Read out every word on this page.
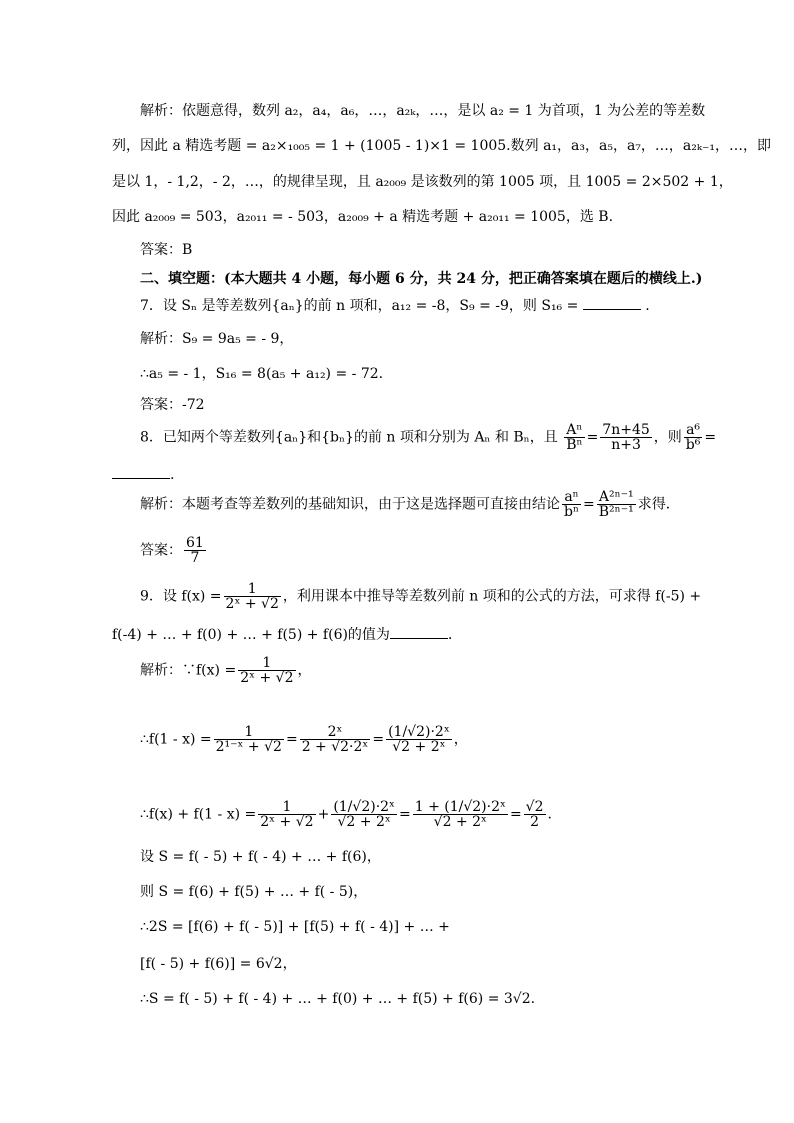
解析：依题意得，数列 a₂，a₄，a₆，…，a₂ₖ，…，是以 a₂ = 1 为首项，1 为公差的等差数
列，因此 a 精选考题 = a₂×₁₀₀₅ = 1 + (1005 - 1)×1 = 1005.数列 a₁，a₃，a₅，a₇，…，a₂ₖ₋₁，…，即
是以 1，- 1,2，- 2，…，的规律呈现，且 a₂₀₀₉ 是该数列的第 1005 项，且 1005 = 2×502 + 1，
因此 a₂₀₀₉ = 503，a₂₀₁₁ = - 503，a₂₀₀₉ + a 精选考题 + a₂₀₁₁ = 1005，选 B.
答案：B
二、填空题：(本大题共 4 小题，每小题 6 分，共 24 分，把正确答案填在题后的横线上.)
7．设 Sₙ 是等差数列{aₙ}的前 n 项和，a₁₂ = -8，S₉ = -9，则 S₁₆ =	.
解析：S₉ = 9a₅ = - 9，
∴a₅ = - 1，S₁₆ = 8(a₅ + a₁₂) = - 72.
答案：-72
8．已知两个等差数列{aₙ}和{bₙ}的前 n 项和分别为 Aₙ 和 Bₙ，且 $\frac{\text{Aⁿ}}{\text{Bⁿ}} = \frac{7n+45}{n+3}$ ，则 $\frac{\text{a⁶}}{\text{b⁶}}$ =
.
解析：本题考查等差数列的基础知识，由于这是选择题可直接由结论 $\frac{\text{aⁿ}}{\text{bⁿ}} = \frac{\text{A²ⁿ⁻¹}}{\text{B²ⁿ⁻¹}}$ 求得．
答案： $\frac{61}{7}$
9．设 $f(x) = \frac{1}{\text{2ˣ + √2}}$ ，利用课本中推导等差数列前 n 项和的公式的方法，可求得 f(-5) +
f(-4) + … + f(0) + … + f(5) + f(6)的值为	．
解析：∵f(x) = $\frac{1}{\text{2ˣ + √2}}$ ，
∴f(1 - $x) = \frac{1}{\text{2¹⁻ˣ + √2}} = \frac{\text{2ˣ}}{\text{2 + √2·2ˣ}} = \frac{\text{(1/√2)·2ˣ}}{\text{√2 + 2ˣ}}$ ，
∴f(x) + $f(1 - x) = \frac{1}{\text{2ˣ + √2}} + \frac{\text{(1/√2)·2ˣ}}{\text{√2 + 2ˣ}} = \frac{\text{1 + (1/√2)·2ˣ}}{\text{√2 + 2ˣ}} = \frac{√2}{2}$ .
设 S = f( - 5) + f( - 4) + … + f(6)，
则 S = f(6) + f(5) + … + f( - 5)，
∴2S = [f(6) + f( - 5)] + [f(5) + f( - 4)] + … +
[f( - 5) + f(6)] = 6√2，
∴S = f( - 5) + f( - 4) + … + f(0) + … + f(5) + f(6) = 3√2.
